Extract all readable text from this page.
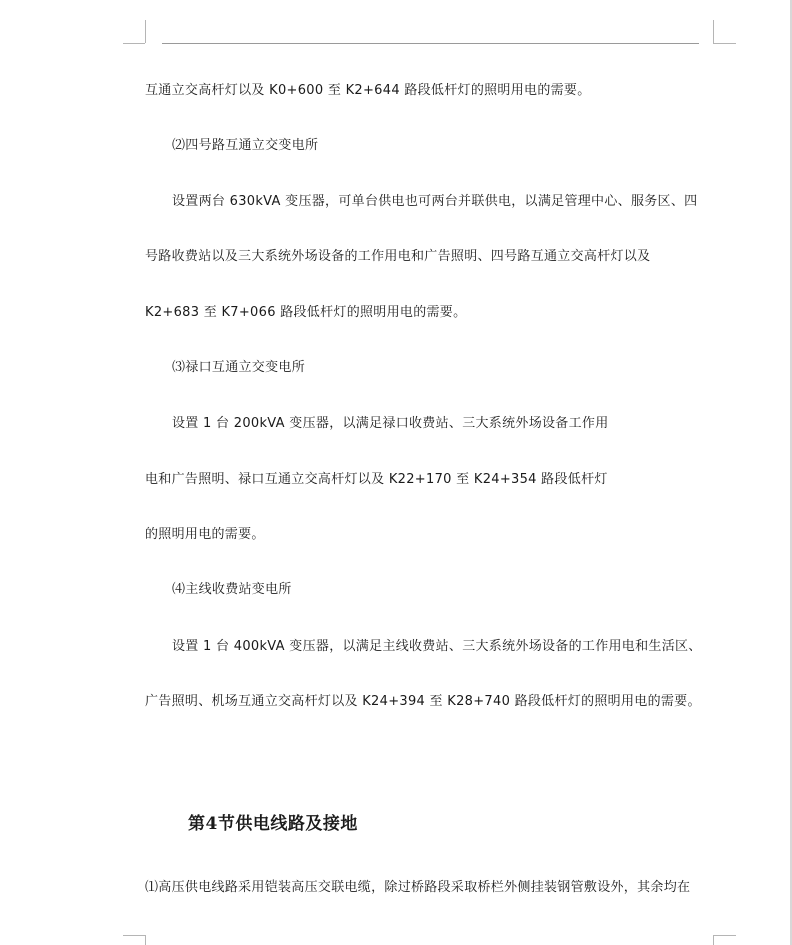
互通立交高杆灯以及 K0+600 至 K2+644 路段低杆灯的照明用电的需要。
⑵四号路互通立交变电所
设置两台 630kVA 变压器，可单台供电也可两台并联供电，以满足管理中心、服务区、四
号路收费站以及三大系统外场设备的工作用电和广告照明、四号路互通立交高杆灯以及
K2+683 至 K7+066 路段低杆灯的照明用电的需要。
⑶禄口互通立交变电所
设置 1 台 200kVA 变压器，以满足禄口收费站、三大系统外场设备工作用
电和广告照明、禄口互通立交高杆灯以及 K22+170 至 K24+354 路段低杆灯
的照明用电的需要。
⑷主线收费站变电所
设置 1 台 400kVA 变压器，以满足主线收费站、三大系统外场设备的工作用电和生活区、
广告照明、机场互通立交高杆灯以及 K24+394 至 K28+740 路段低杆灯的照明用电的需要。
第4节供电线路及接地
⑴高压供电线路采用铠装高压交联电缆，除过桥路段采取桥栏外侧挂装钢管敷设外，其余均在
